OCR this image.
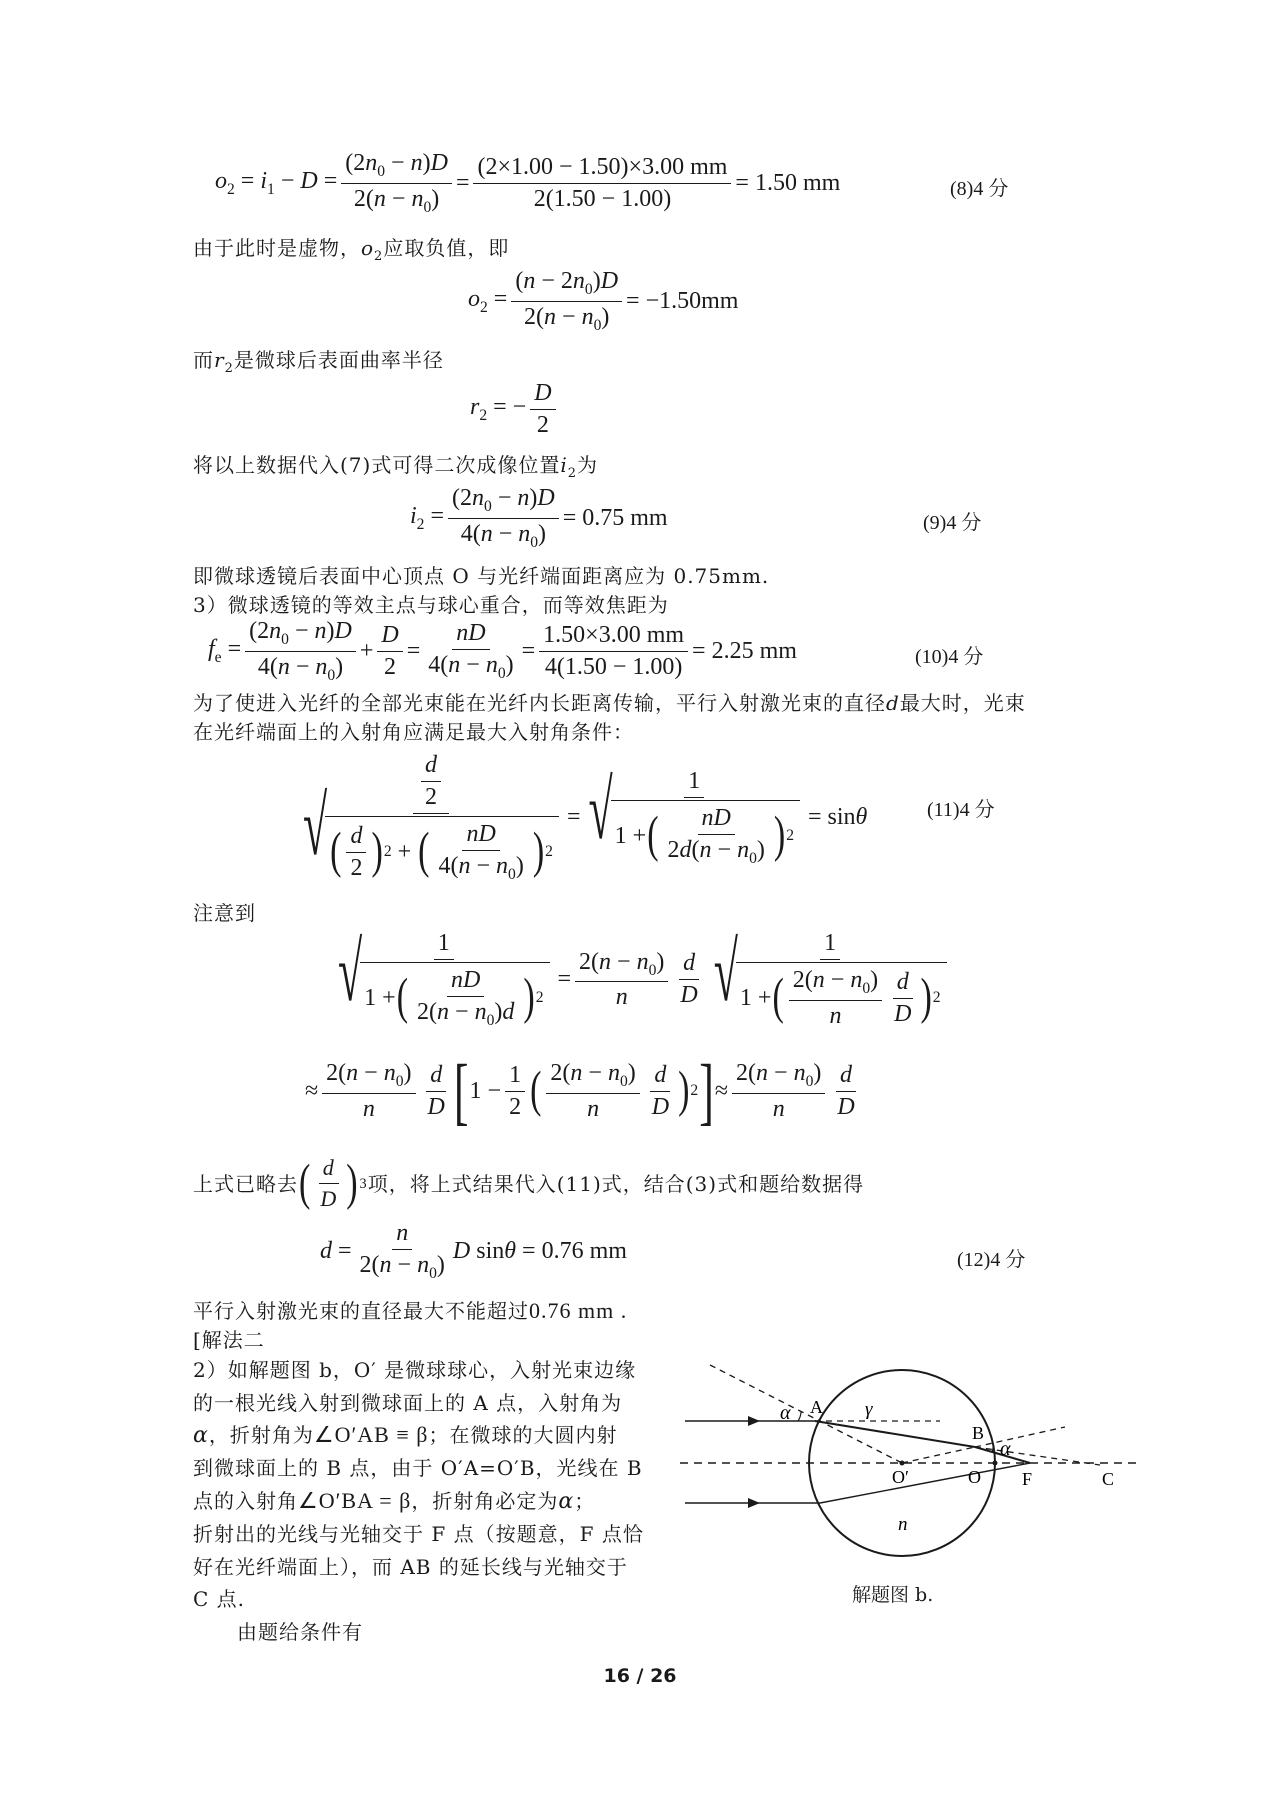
$o_2 = i_1 - D = \frac{(2n_0 - n)D}{2(n - n_0)} = \frac{(2\times 1.00 - 1.50)\times 3.00 mm}{2(1.50 - 1.00)} = 1.50$ mm	(8)4 分
由于此时是虚物，$o_2$应取负值，即
$o_2 = \frac{(n - 2n_0)D}{2(n - n_0)} = -1.50mm$
而$r_2$是微球后表面曲率半径
$r_2$ = − $\frac{D}{2}$
将以上数据代入(7)式可得二次成像位置$i_2$为
$i_2 = \frac{(2n_0 - n)D}{4(n - n_0)} = 0.75$ mm	(9)4 分
即微球透镜后表面中心顶点 O 与光纤端面距离应为 0.75mm.
3）微球透镜的等效主点与球心重合，而等效焦距为
$f_e = \frac{(2n_0 - n)D}{4(n - n_0)} + \frac{D}{2} = \frac{nD}{4(n - n_0)} = \frac{1.50\times 3.00 mm}{4(1.50 - 1.00)} = 2.25$ mm	(10)4 分
为了使进入光纤的全部光束能在光纤内长距离传输，平行入射激光束的直径d最大时，光束
在光纤端面上的入射角应满足最大入射角条件：
$\frac{\frac{d}{2}}{√ ( \frac{d}{2} ) 2 + ( \frac{nD}{4(n - n_0)} ) 2} = \frac{1}{√ 1 + ( \frac{nD}{2d(n - n_0)} ) 2} = \sin\theta$	(11)4 分
注意到
$\frac{1}{√ 1 + ( \frac{nD}{2(n - n_0)d} ) 2} = \frac{2(n - n_0)}{n} \frac{d}{D} \frac{1}{√ 1 + ( \frac{2(n - n_0)}{n} \frac{d}{D} ) 2}$
≈ $\frac{2(n - n_0)}{n} \frac{d}{D}$ [ $1 - \frac{1}{2}$ ( $\frac{2(n - n_0)}{n} \frac{d}{D}$ ) 2 ] ≈ $\frac{2(n - n_0)}{n} \frac{d}{D}$
上式已略去 ( $\frac{d}{D}$ ) 3 项，将上式结果代入(11)式，结合(3)式和题给数据得
$d = \frac{n}{2(n - n_0)}$ D sinθ = 0.76 mm	(12)4 分
平行入射激光束的直径最大不能超过0.76 mm .
[解法二
2）如解题图 b，O′ 是微球球心，入射光束边缘
的一根光线入射到微球面上的 A 点，入射角为
α，折射角为∠O′AB ≡ β；在微球的大圆内射
到微球面上的 B 点，由于 O′A=O′B，光线在 B
点的入射角∠O′BA = β，折射角必定为α；
折射出的光线与光轴交于 F 点（按题意，F 点恰
好在光纤端面上），而 AB 的延长线与光轴交于
C 点.
由题给条件有
α A γ
B
α
O′	O F	C
n
解题图 b.
16 / 26
